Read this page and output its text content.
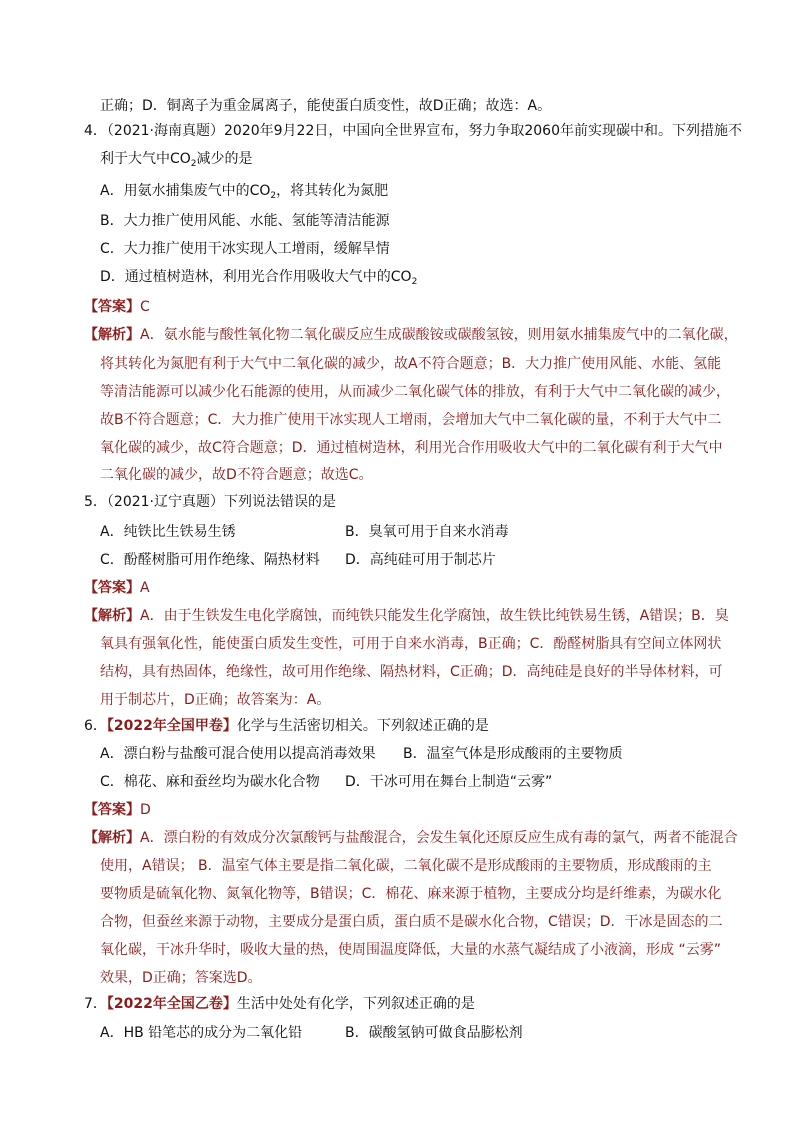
正确；D．铜离子为重金属离子，能使蛋白质变性，故D正确；故选：A。
4．（2021·海南真题）2020年9月22日，中国向全世界宣布，努力争取2060年前实现碳中和。下列措施不
利于大气中$CO_2$减少的是
A．用氨水捕集废气中的$CO_2$，将其转化为氮肥
B．大力推广使用风能、水能、氢能等清洁能源
C．大力推广使用干冰实现人工增雨，缓解旱情
D．通过植树造林，利用光合作用吸收大气中的$CO_2$
【答案】C
【解析】A．氨水能与酸性氧化物二氧化碳反应生成碳酸铵或碳酸氢铵，则用氨水捕集废气中的二氧化碳，
将其转化为氮肥有利于大气中二氧化碳的减少，故A不符合题意；B．大力推广使用风能、水能、氢能
等清洁能源可以减少化石能源的使用，从而减少二氧化碳气体的排放，有利于大气中二氧化碳的减少，
故B不符合题意；C．大力推广使用干冰实现人工增雨，会增加大气中二氧化碳的量，不利于大气中二
氧化碳的减少，故C符合题意；D．通过植树造林，利用光合作用吸收大气中的二氧化碳有利于大气中
二氧化碳的减少，故D不符合题意；故选C。
5．（2021·辽宁真题）下列说法错误的是
A．纯铁比生铁易生锈	B．臭氧可用于自来水消毒
C．酚醛树脂可用作绝缘、隔热材料 D．高纯硅可用于制芯片
【答案】A
【解析】A．由于生铁发生电化学腐蚀，而纯铁只能发生化学腐蚀，故生铁比纯铁易生锈，A错误；B．臭
氧具有强氧化性，能使蛋白质发生变性，可用于自来水消毒，B正确；C．酚醛树脂具有空间立体网状
结构，具有热固体，绝缘性，故可用作绝缘、隔热材料，C正确；D．高纯硅是良好的半导体材料，可
用于制芯片，D正确；故答案为：A。
6．【2022年全国甲卷】化学与生活密切相关。下列叙述正确的是
A．漂白粉与盐酸可混合使用以提高消毒效果 B．温室气体是形成酸雨的主要物质
C．棉花、麻和蚕丝均为碳水化合物 D．干冰可用在舞台上制造“云雾”
【答案】D
【解析】A．漂白粉的有效成分次氯酸钙与盐酸混合，会发生氧化还原反应生成有毒的氯气，两者不能混合
使用，A错误； B．温室气体主要是指二氧化碳，二氧化碳不是形成酸雨的主要物质，形成酸雨的主
要物质是硫氧化物、氮氧化物等，B错误；C．棉花、麻来源于植物，主要成分均是纤维素，为碳水化
合物，但蚕丝来源于动物，主要成分是蛋白质，蛋白质不是碳水化合物，C错误；D．干冰是固态的二
氧化碳，干冰升华时，吸收大量的热，使周围温度降低，大量的水蒸气凝结成了小液滴，形成 “云雾”
效果，D正确；答案选D。
7．【2022年全国乙卷】生活中处处有化学，下列叙述正确的是
A．HB 铅笔芯的成分为二氧化铅	B．碳酸氢钠可做食品膨松剂
